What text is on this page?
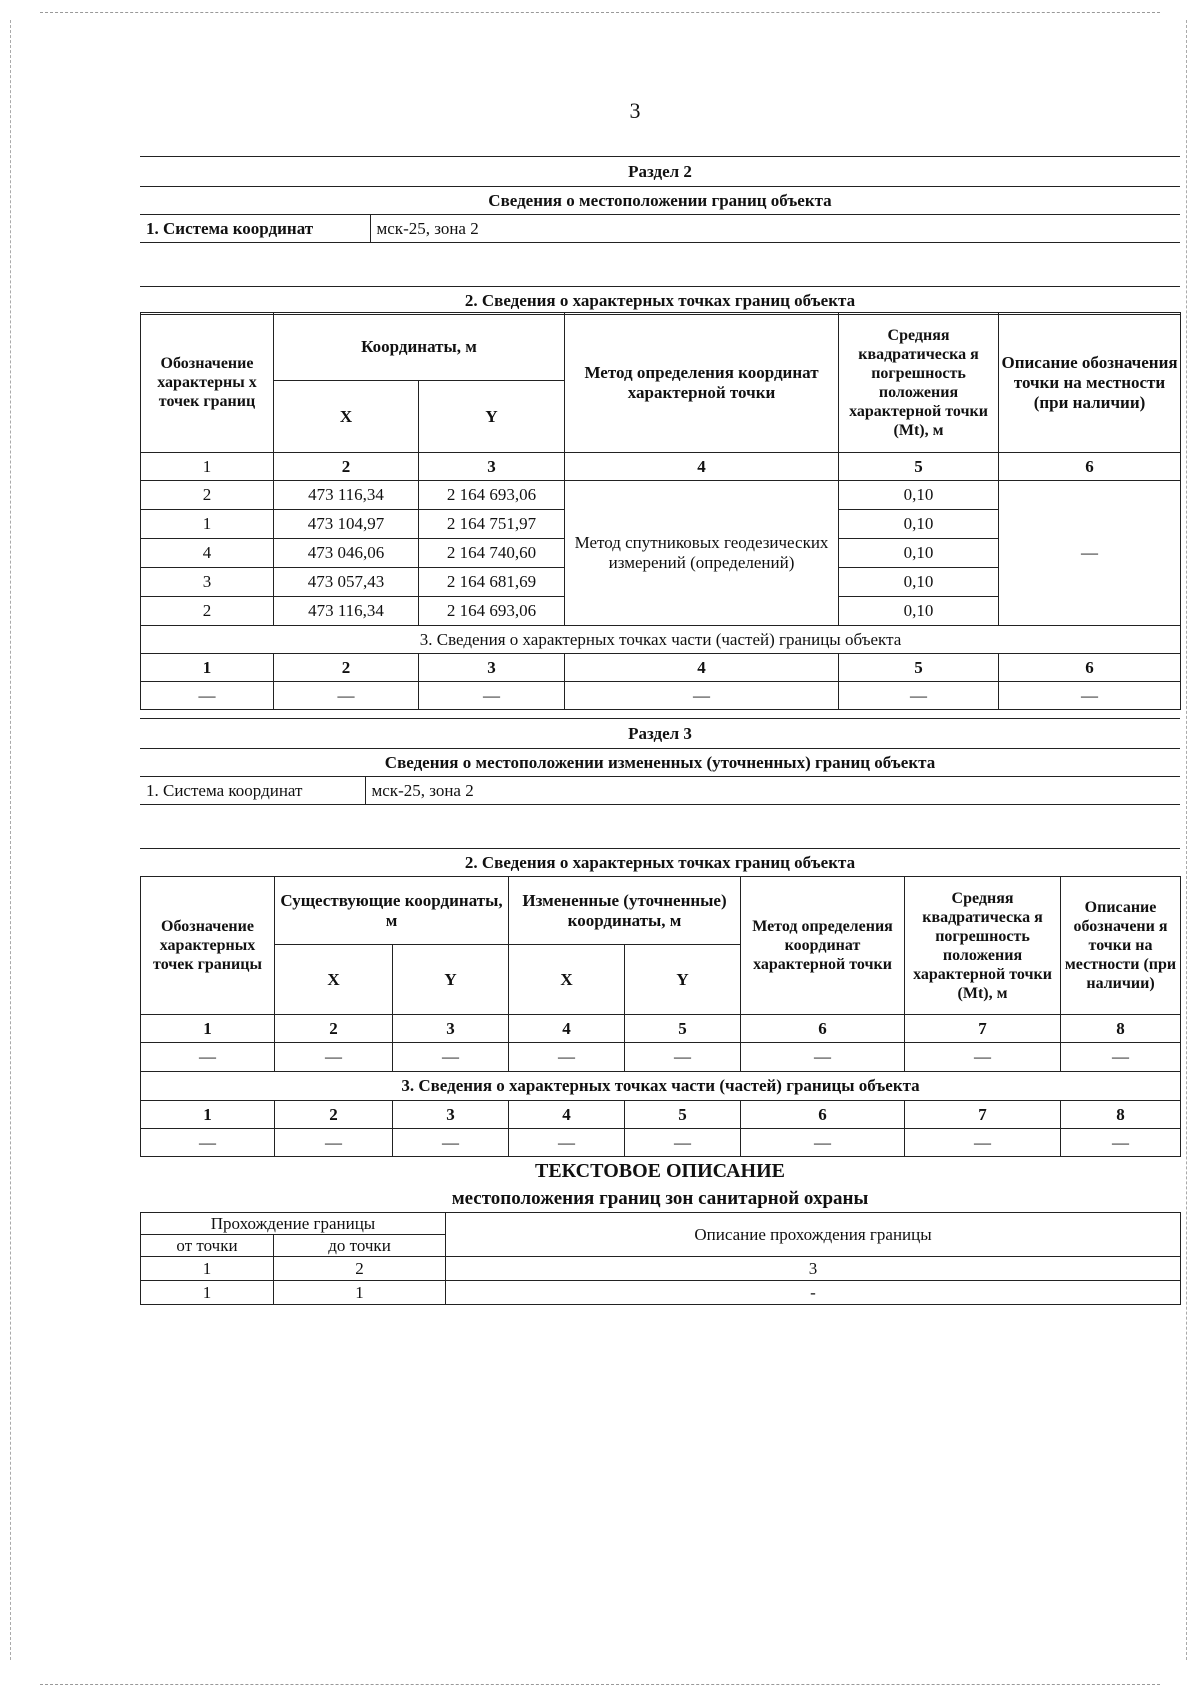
3
Раздел 2
Сведения о местоположении границ объекта
1. Система координат	мск-25, зона 2

2. Сведения о характерных точках границ объекта
Обозначение характерны х точек границ	Координаты, м		Метод определения координат характерной точки	Средняя квадратическа я погрешность положения характерной точки (Mt), м	Описание обозначения точки на местности (при наличии)
	X	Y			
1	2	3	4	5	6
2	473 116,34	2 164 693,06	Метод спутниковых геодезических измерений (определений)	0,10	—
1	473 104,97	2 164 751,97		0,10	
4	473 046,06	2 164 740,60		0,10	
3	473 057,43	2 164 681,69		0,10	
2	473 116,34	2 164 693,06		0,10	
3. Сведения о характерных точках части (частей) границы объекта					
1	2	3	4	5	6
—	—	—	—	—	—
Раздел 3
Сведения о местоположении измененных (уточненных) границ объекта
1. Система координат	мск-25, зона 2

2. Сведения о характерных точках границ объекта
Обозначение характерных точек границы	Существующие координаты, м		Измененные (уточненные) координаты, м		Метод определения координат характерной точки	Средняя квадратическа я погрешность положения характерной точки (Mt), м	Описание обозначени я точки на местности (при наличии)
	X	Y	X	Y			
1	2	3	4	5	6	7	8
—	—	—	—	—	—	—	—
3. Сведения о характерных точках части (частей) границы объекта							
1	2	3	4	5	6	7	8
—	—	—	—	—	—	—	—
ТЕКСТОВОЕ ОПИСАНИЕ
местоположения границ зон санитарной охраны
Прохождение границы		Описание прохождения границы
от точки	до точки	
1	2	3
1	1	-
